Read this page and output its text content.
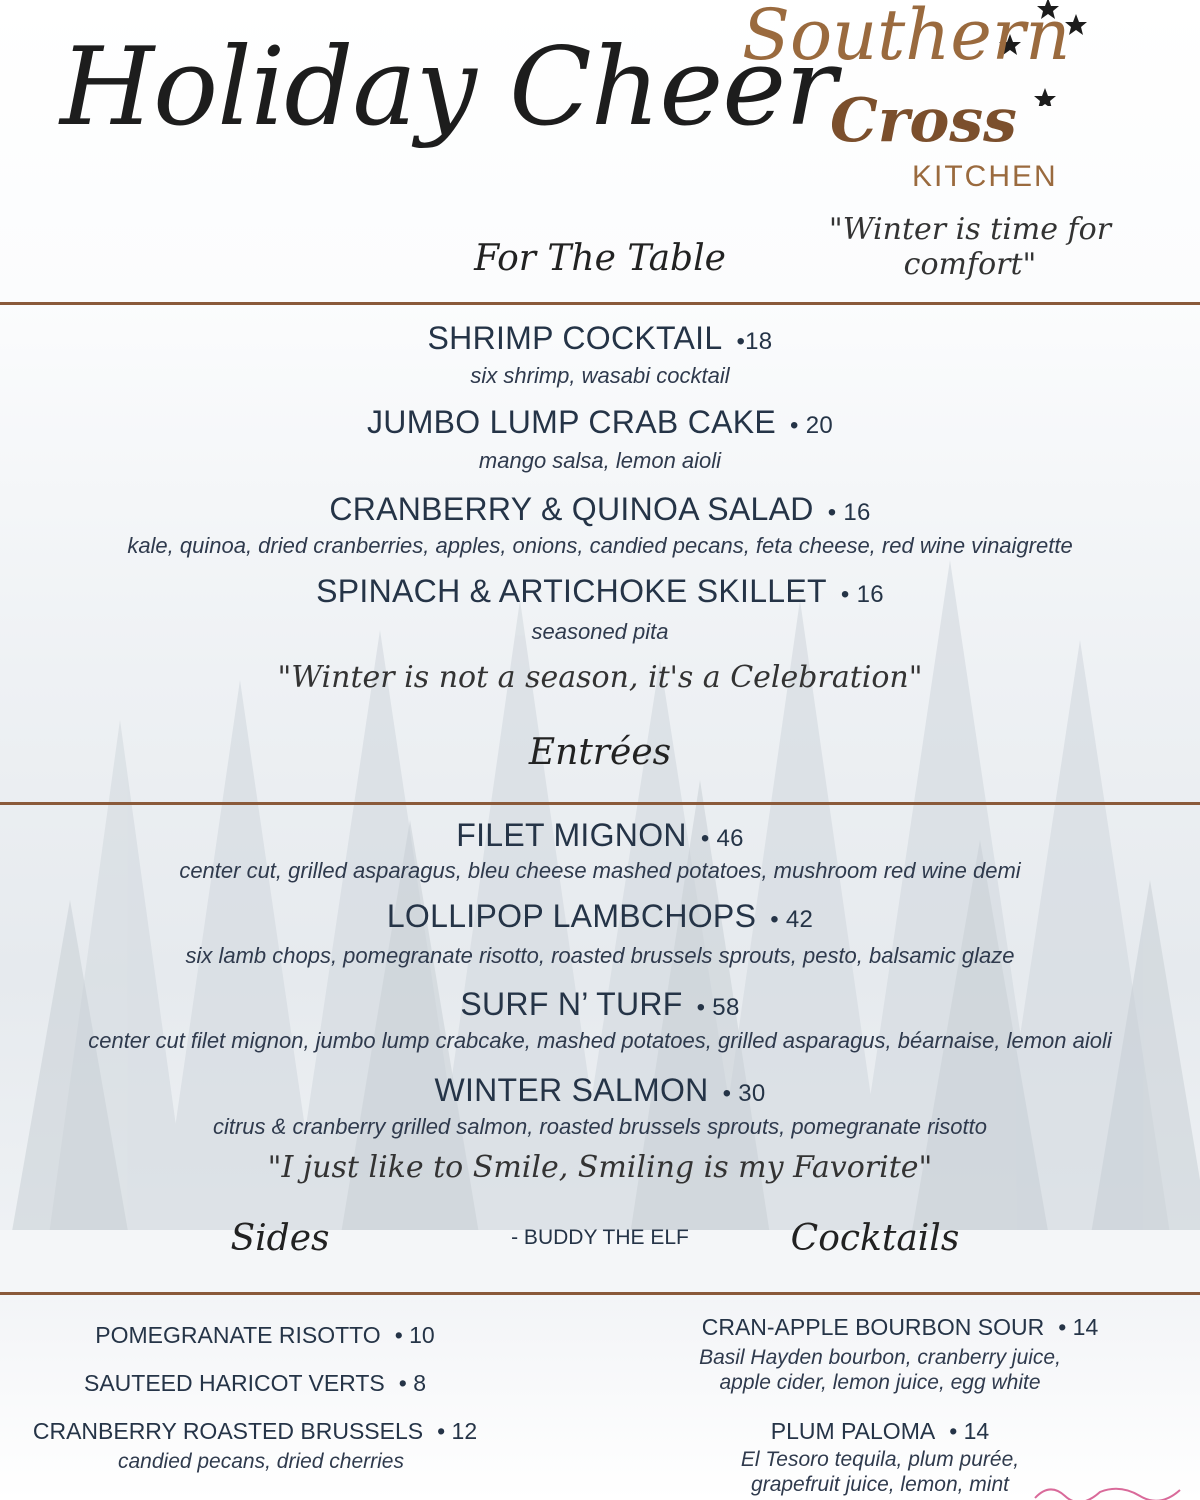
Holiday Cheer
Southern
Cross
KITCHEN
"Winter is time for comfort"
For The Table
SHRIMP COCKTAIL •18
six shrimp, wasabi cocktail
JUMBO LUMP CRAB CAKE • 20
mango salsa, lemon aioli
CRANBERRY & QUINOA SALAD • 16
kale, quinoa, dried cranberries, apples, onions, candied pecans, feta cheese, red wine vinaigrette
SPINACH & ARTICHOKE SKILLET • 16
seasoned pita
"Winter is not a season, it's a Celebration"
Entrées
FILET MIGNON • 46
center cut, grilled asparagus, bleu cheese mashed potatoes, mushroom red wine demi
LOLLIPOP LAMBCHOPS • 42
six lamb chops, pomegranate risotto, roasted brussels sprouts, pesto, balsamic glaze
SURF N’ TURF • 58
center cut filet mignon, jumbo lump crabcake, mashed potatoes, grilled asparagus, béarnaise, lemon aioli
WINTER SALMON • 30
citrus & cranberry grilled salmon, roasted brussels sprouts, pomegranate risotto
"I just like to Smile, Smiling is my Favorite"
- BUDDY THE ELF
Sides	Cocktails
POMEGRANATE RISOTTO • 10
SAUTEED HARICOT VERTS • 8
CRANBERRY ROASTED BRUSSELS • 12
candied pecans, dried cherries
CRAN-APPLE BOURBON SOUR • 14
Basil Hayden bourbon, cranberry juice,
apple cider, lemon juice, egg white
PLUM PALOMA • 14
El Tesoro tequila, plum purée,
grapefruit juice, lemon, mint
